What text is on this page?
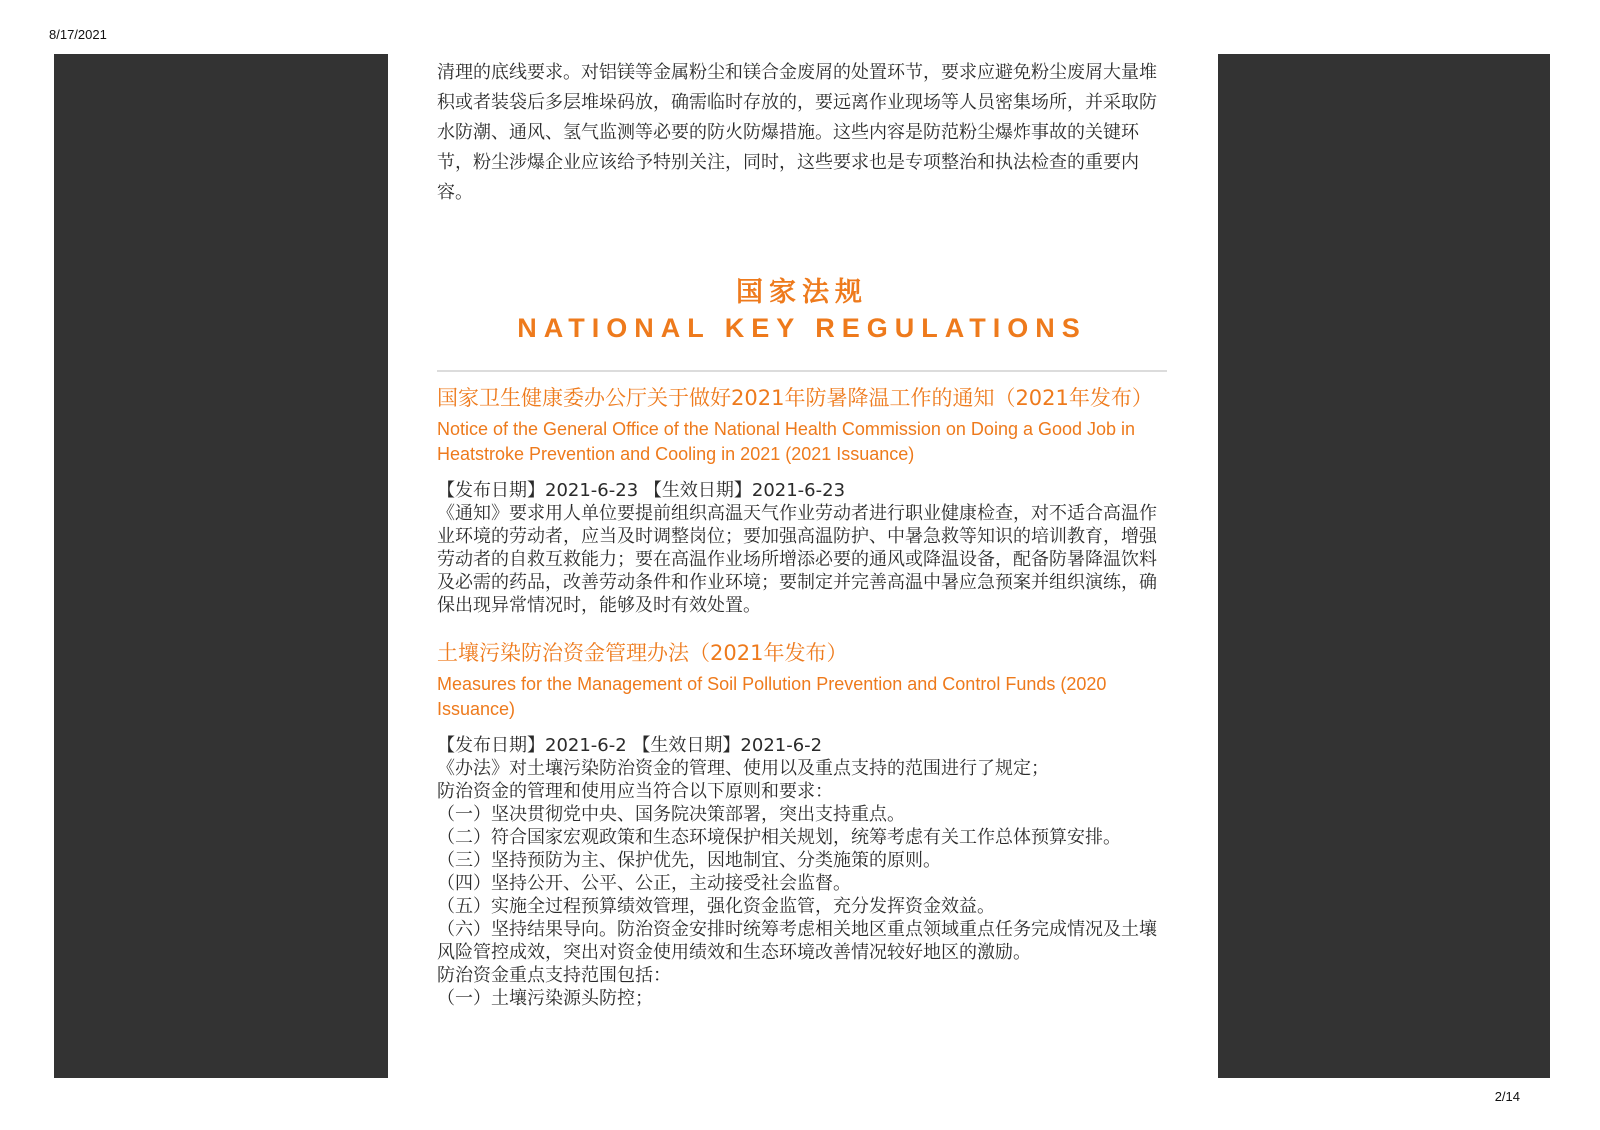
8/17/2021

清理的底线要求。对铝镁等金属粉尘和镁合金废屑的处置环节，要求应避免粉尘废屑大量堆积或者装袋后多层堆垛码放，确需临时存放的，要远离作业现场等人员密集场所，并采取防水防潮、通风、氢气监测等必要的防火防爆措施。这些内容是防范粉尘爆炸事故的关键环节，粉尘涉爆企业应该给予特别关注，同时，这些要求也是专项整治和执法检查的重要内容。

国家法规
NATIONAL KEY REGULATIONS
国家卫生健康委办公厅关于做好2021年防暑降温工作的通知（2021年发布）
Notice of the General Office of the National Health Commission on Doing a Good Job in Heatstroke Prevention and Cooling in 2021 (2021 Issuance)
【发布日期】2021-6-23 【生效日期】2021-6-23

《通知》要求用人单位要提前组织高温天气作业劳动者进行职业健康检查，对不适合高温作业环境的劳动者，应当及时调整岗位；要加强高温防护、中暑急救等知识的培训教育，增强劳动者的自救互救能力；要在高温作业场所增添必要的通风或降温设备，配备防暑降温饮料及必需的药品，改善劳动条件和作业环境；要制定并完善高温中暑应急预案并组织演练，确保出现异常情况时，能够及时有效处置。

土壤污染防治资金管理办法（2021年发布）
Measures for the Management of Soil Pollution Prevention and Control Funds (2020 Issuance)
【发布日期】2021-6-2 【生效日期】2021-6-2

《办法》对土壤污染防治资金的管理、使用以及重点支持的范围进行了规定；

防治资金的管理和使用应当符合以下原则和要求：

（一）坚决贯彻党中央、国务院决策部署，突出支持重点。

（二）符合国家宏观政策和生态环境保护相关规划，统筹考虑有关工作总体预算安排。

（三）坚持预防为主、保护优先，因地制宜、分类施策的原则。

（四）坚持公开、公平、公正，主动接受社会监督。

（五）实施全过程预算绩效管理，强化资金监管，充分发挥资金效益。

（六）坚持结果导向。防治资金安排时统筹考虑相关地区重点领域重点任务完成情况及土壤风险管控成效，突出对资金使用绩效和生态环境改善情况较好地区的激励。

防治资金重点支持范围包括：

（一）土壤污染源头防控；

2/14
